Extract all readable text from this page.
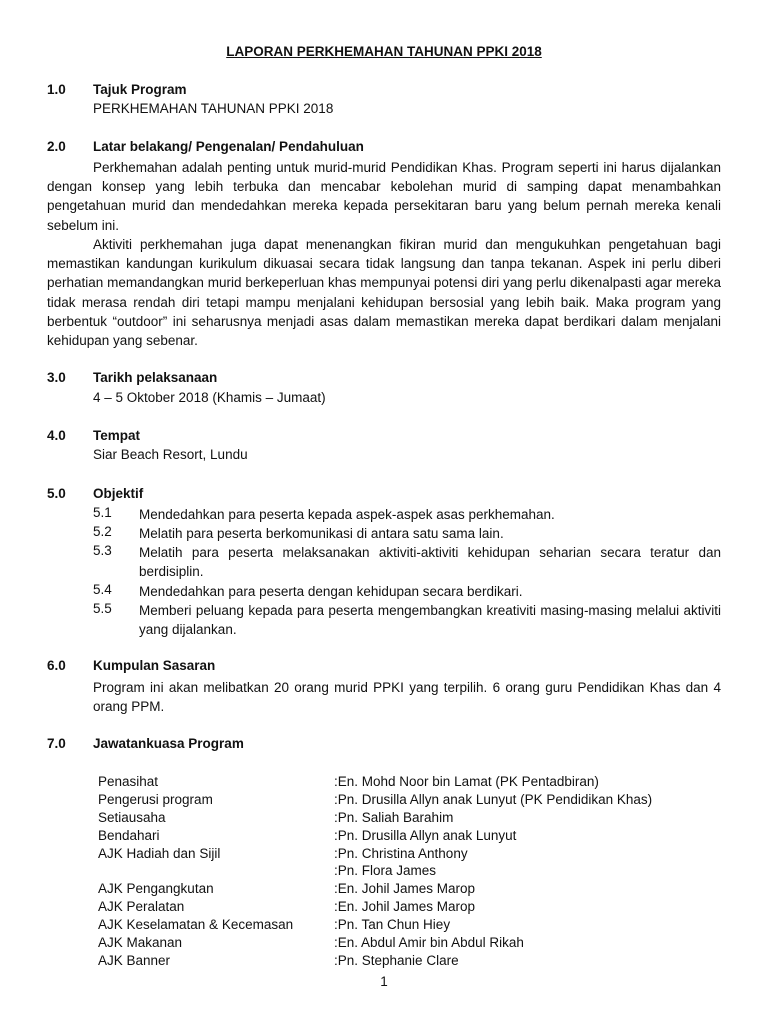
LAPORAN PERKHEMAHAN TAHUNAN PPKI 2018
1.0 Tajuk Program
PERKHEMAHAN TAHUNAN PPKI 2018
2.0 Latar belakang/ Pengenalan/ Pendahuluan

Perkhemahan adalah penting untuk murid-murid Pendidikan Khas. Program seperti ini harus dijalankan dengan konsep yang lebih terbuka dan mencabar kebolehan murid di samping dapat menambahkan pengetahuan murid dan mendedahkan mereka kepada persekitaran baru yang belum pernah mereka kenali sebelum ini.

Aktiviti perkhemahan juga dapat menenangkan fikiran murid dan mengukuhkan pengetahuan bagi memastikan kandungan kurikulum dikuasai secara tidak langsung dan tanpa tekanan. Aspek ini perlu diberi perhatian memandangkan murid berkeperluan khas mempunyai potensi diri yang perlu dikenalpasti agar mereka tidak merasa rendah diri tetapi mampu menjalani kehidupan bersosial yang lebih baik. Maka program yang berbentuk “outdoor” ini seharusnya menjadi asas dalam memastikan mereka dapat berdikari dalam menjalani kehidupan yang sebenar.

3.0 Tarikh pelaksanaan
4 – 5 Oktober 2018 (Khamis – Jumaat)
4.0 Tempat
Siar Beach Resort, Lundu
5.0 Objektif
5.1 Mendedahkan para peserta kepada aspek-aspek asas perkhemahan.

5.2 Melatih para peserta berkomunikasi di antara satu sama lain.

5.3 Melatih para peserta melaksanakan aktiviti-aktiviti kehidupan seharian secara teratur dan berdisiplin.

5.4 Mendedahkan para peserta dengan kehidupan secara berdikari.

5.5 Memberi peluang kepada para peserta mengembangkan kreativiti masing-masing melalui aktiviti yang dijalankan.

6.0 Kumpulan Sasaran

Program ini akan melibatkan 20 orang murid PPKI yang terpilih. 6 orang guru Pendidikan Khas dan 4 orang PPM.

7.0 Jawatankuasa Program
Penasihat	:En. Mohd Noor bin Lamat (PK Pentadbiran)
Pengerusi program	:Pn. Drusilla Allyn anak Lunyut (PK Pendidikan Khas)
Setiausaha	:Pn. Saliah Barahim
Bendahari	:Pn. Drusilla Allyn anak Lunyut
AJK Hadiah dan Sijil	:Pn. Christina Anthony
:Pn. Flora James
AJK Pengangkutan	:En. Johil James Marop
AJK Peralatan	:En. Johil James Marop
AJK Keselamatan & Kecemasan	:Pn. Tan Chun Hiey
AJK Makanan	:En. Abdul Amir bin Abdul Rikah
AJK Banner	:Pn. Stephanie Clare
1
